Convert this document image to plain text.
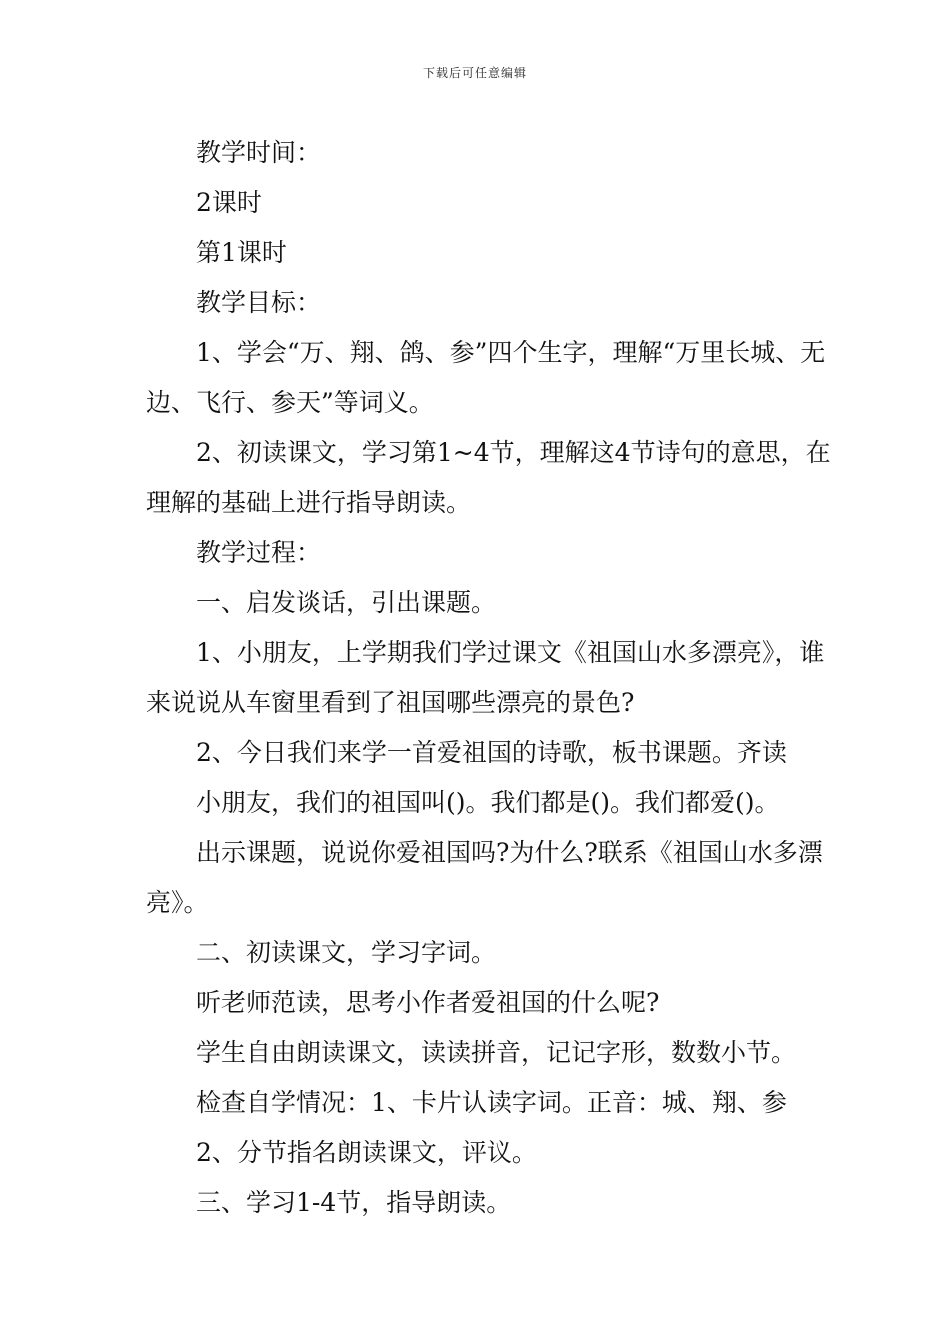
下载后可任意编辑

教学时间：

2课时

第1课时

教学目标：

1、学会“万、翔、鸽、参”四个生字，理解“万里长城、无边、飞行、参天”等词义。

2、初读课文，学习第1~4节，理解这4节诗句的意思，在理解的基础上进行指导朗读。

教学过程：

一、启发谈话，引出课题。

1、小朋友，上学期我们学过课文《祖国山水多漂亮》，谁来说说从车窗里看到了祖国哪些漂亮的景色?

2、今日我们来学一首爱祖国的诗歌，板书课题。齐读

小朋友，我们的祖国叫()。我们都是()。我们都爱()。

出示课题，说说你爱祖国吗?为什么?联系《祖国山水多漂亮》。

二、初读课文，学习字词。

听老师范读，思考小作者爱祖国的什么呢?

学生自由朗读课文，读读拼音，记记字形，数数小节。

检查自学情况：1、卡片认读字词。正音：城、翔、参

2、分节指名朗读课文，评议。

三、学习1-4节，指导朗读。
